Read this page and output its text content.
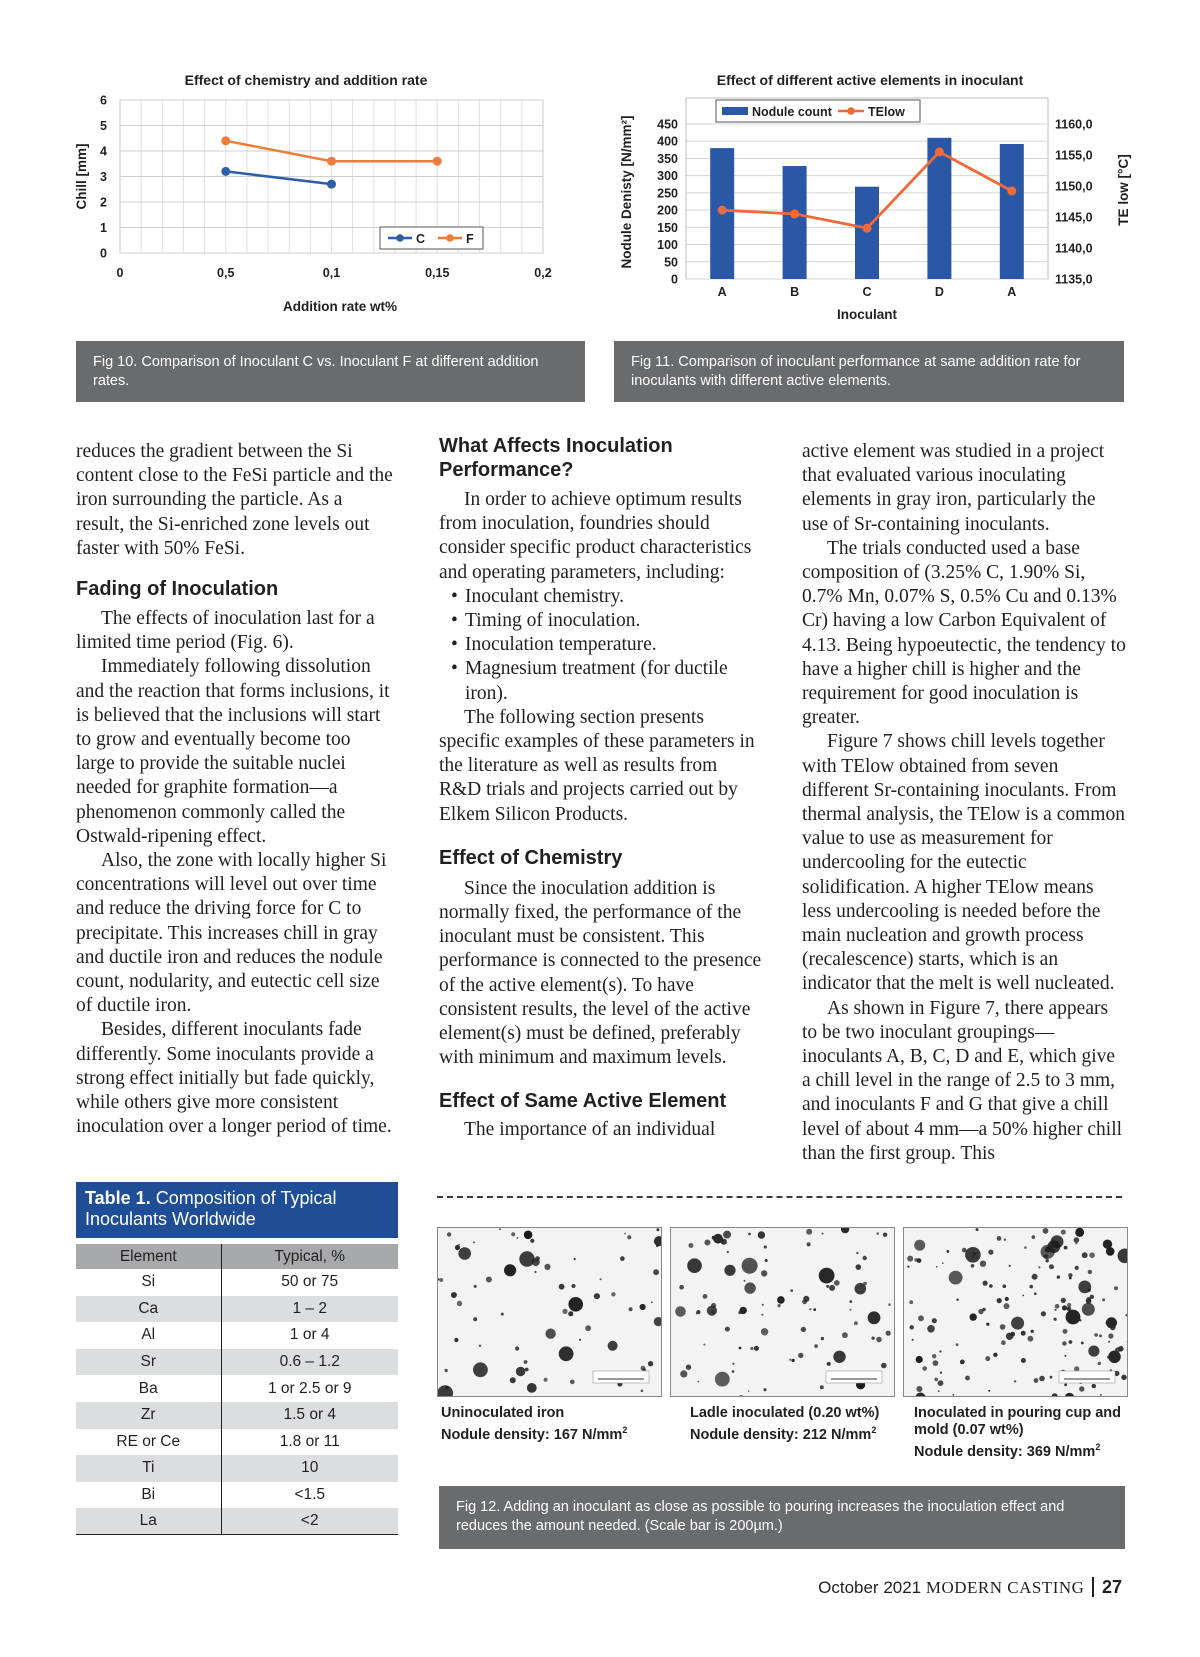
Effect of chemistry and addition rate
0
1
2
3
4
5
6
0	0,5	0,1	0,15	0,2
Addition rate wt%
Chill [mm]
C	F
Effect of different active elements in inoculant
0
50
100
150
200
250
300
350
400
450
1135,0
1140,0
1145,0
1150,0
1155,0
1160,0
A	B	C	D	A
Inoculant
Nodule Denisty [N/mm²]	TE low [°C]
Nodule count	TElow
Fig 10. Comparison of Inoculant C vs. Inoculant F at different addition rates.
Fig 11. Comparison of inoculant performance at same addition rate for inoculants with different active elements.

reduces the gradient between the Si content close to the FeSi particle and the iron surrounding the particle. As a result, the Si-enriched zone levels out faster with 50% FeSi.

Fading of Inoculation

The effects of inoculation last for a limited time period (Fig. 6).

Immediately following dissolution and the reaction that forms inclusions, it is believed that the inclusions will start to grow and eventually become too large to provide the suitable nuclei needed for graphite formation—a phenomenon commonly called the Ostwald-ripening effect.

Also, the zone with locally higher Si concentrations will level out over time and reduce the driving force for C to precipitate. This increases chill in gray and ductile iron and reduces the nodule count, nodularity, and eutectic cell size of ductile iron.

Besides, different inoculants fade differently. Some inoculants provide a strong effect initially but fade quickly, while others give more consistent inoculation over a longer period of time.

What Affects Inoculation Performance?

In order to achieve optimum results from inoculation, foundries should consider specific product characteristics and operating parameters, including:

• Inoculant chemistry.
• Timing of inoculation.
• Inoculation temperature.
• Magnesium treatment (for ductile iron).

The following section presents specific examples of these parameters in the literature as well as results from R&D trials and projects carried out by Elkem Silicon Products.

Effect of Chemistry

Since the inoculation addition is normally fixed, the performance of the inoculant must be consistent. This performance is connected to the presence of the active element(s). To have consistent results, the level of the active element(s) must be defined, preferably with minimum and maximum levels.

Effect of Same Active Element

The importance of an individual

active element was studied in a project that evaluated various inoculating elements in gray iron, particularly the use of Sr-containing inoculants.

The trials conducted used a base composition of (3.25% C, 1.90% Si, 0.7% Mn, 0.07% S, 0.5% Cu and 0.13% Cr) having a low Carbon Equivalent of 4.13. Being hypoeutectic, the tendency to have a higher chill is higher and the requirement for good inoculation is greater.

Figure 7 shows chill levels together with TElow obtained from seven different Sr-containing inoculants. From thermal analysis, the TElow is a common value to use as measurement for undercooling for the eutectic solidification. A higher TElow means less undercooling is needed before the main nucleation and growth process (recalescence) starts, which is an indicator that the melt is well nucleated.

As shown in Figure 7, there appears to be two inoculant groupings—inoculants A, B, C, D and E, which give a chill level in the range of 2.5 to 3 mm, and inoculants F and G that give a chill level of about 4 mm—a 50% higher chill than the first group. This

Table 1. Composition of Typical Inoculants Worldwide
Element	Typical, %
Si	50 or 75
Ca	1 – 2
Al	1 or 4
Sr	0.6 – 1.2
Ba	1 or 2.5 or 9
Zr	1.5 or 4
RE or Ce	1.8 or 11
Ti	10
Bi	<1.5
La	<2
Uninoculated iron
Nodule density: 167 $N/mm^2$
Ladle inoculated (0.20 wt%)
Nodule density: 212 $N/mm^2$
Inoculated in pouring cup and mold (0.07 wt%)
Nodule density: 369 $N/mm^2$
Fig 12. Adding an inoculant as close as possible to pouring increases the inoculation effect and reduces the amount needed. (Scale bar is 200µm.)
October 2021 MODERN CASTING 27
